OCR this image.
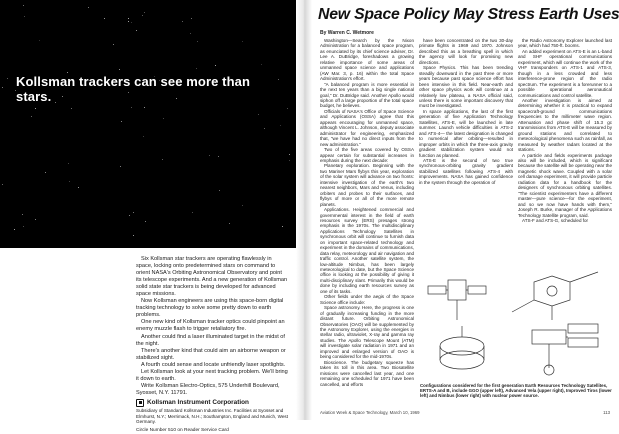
Kollsman trackers can see more than stars.

Six Kollsman star trackers are operating flawlessly in space, locking onto predetermined stars on command to orient NASA's Orbiting Astronomical Observatory and point its telescope experiments. And a new generation of Kollsman solid state star trackers is being developed for advanced space missions.

Now Kollsman engineers are using this space-born digital tracking technology to solve some pretty down to earth problems.

One new kind of Kollsman tracker optics could pinpoint an enemy muzzle flash to trigger retaliatory fire.

Another could find a laser illuminated target in the midst of the night.

There's another kind that could aim an airborne weapon or stabilized sight.

A fourth could sense and locate unfriendly laser spotlights.

Let Kollsman look at your next tracking problem. We'll bring it down to earth.

Write Kollsman Electro-Optics, 575 Underhill Boulevard, Syosset, N.Y. 11791.

Kollsman Instrument Corporation
Subsidiary of Standard Kollsman Industries Inc. Facilities at Syosset and Elmhurst, N.Y.; Merrimack, N.H.; Southampton, England and Munich, West Germany.
Circle Number 510 on Reader Service Card
New Space Policy May Stress Earth Uses
By Warren C. Wetmore

Washington—Search by the Nixon Administration for a balanced space program, as enunciated by its chief science adviser, Dr. Lee A. DuBridge, foreshadows a growing relative importance of some areas of unmanned space science and applications (AW Mar. 3, p. 16) within the total Space Administration's effort.

"A balanced program is more essential in the next ten years than a big single national goal," Dr. DuBridge said. Another Apollo would siphon off a large proportion of the total space budget, he believes.

Officials of NASA's Office of Space Science and Applications (OSSA) agree that this appears encouraging for unmanned space, although Vincent L. Johnson, deputy associate administrator for engineering, emphasized that, "we have had no direct inputs from the new administration."

Two of the five areas covered by OSSA appear certain for substantial increases in emphasis during the next decade:

Planetary exploration. Beginning with the two Mariner Mars flybys this year, exploration of the solar system will advance on two fronts: intensive investigation of the earth's two nearest neighbors, Mars and Venus, including orbiters and probes to their surfaces, and flybys of more or all of the more remote planets.

Applications. Heightened commercial and governmental interest in the field of earth resources survey (ERS) presages strong emphasis in the 1970s. The multidisciplinary Applications Technology Satellites in synchronous orbit will continue to furnish data on important space-related technology and experiment in the domains of communications, data relay, meteorology and air navigation and traffic control. Another satellite system, the low-altitude Nimbus, has been largely meteorological to date, but the Space Science office is looking at the possibility of giving it multi-disciplinary slant. Primarily this would be done by including earth resources survey as one of its tasks.

Other fields under the aegis of the Space Science office include:

Space astronomy. Here, the progress is one of gradually increasing funding in the more distant future. Orbiting Astronomical Observatories (OAO) will be supplemented by the Astronomy Explorer, using the energies in stellar radio, ultraviolet, X-ray and gamma ray studies. The Apollo Telescope Mount (ATM) will investigate solar radiation in 1971 and an improved and enlarged version of OAO is being considered for the mid-1970s.

Bioscience. The budgetary squeeze has taken its toll in this area. Two Biosatellite missions were cancelled last year, and one remaining one scheduled for 1971 have been cancelled, and efforts

have been concentrated on the two 30-day primate flights in 1969 and 1970. Johnson described this as a breathing spell in which the agency will look for promising new directions.

Space Physics. This has been trending steadily downward in the past three or more years because past space science effort has been intensive in this field. Near-earth and other space physics work will continue at a relatively low plateau, a NASA official said, unless there is some important discovery that must be investigated.

In space applications, the last of the first generation of five Application Technology Satellites, ATS-E, will be launched in late summer. Launch vehicle difficulties in ATS-2 and ATS-4— the latest designation is changed to numerical after orbiting—resulted in improper orbits in which the three-axis gravity gradient stabilization system would not function as planned.

ATS-E is the second of two true synchronous-orbiting gravity gradient stabilized satellites following ATS-4 with improvements. NASA has gained confidence in the system through the operation of

the Radio Astronomy Explorer launched last year, which had 750-ft. booms.

An added experiment on ATS-E is an L-band and SHF operational communications experiment, which will continue the work of the VHF transponders on ATS-1 and ATS-3, though in a less crowded and less interference-prone region of the radio spectrum. The experiment is a forerunner to a possible operational aeronautical communications and control satellite.

Another investigation is aimed at determining whether it is practical to expand spacecraft-ground communications frequencies to the millimeter wave region. Attenuation and phase shift of 15.3 gc transmissions from ATS-E will be measured by ground stations and correlated to meteorological phenomena such as rainfall, as measured by weather radars located at the stations.

A particle and fields experiments package also will be included, which is significant because the satellite will be operating near the magnetic shock wave. Coupled with a solar cell damage experiment, it will provide particle radiation data for a handbook for the designers of synchronous orbiting satellites. "The scientist experimenters have a different master—pure science—for the experiment, and so we now have hands with them," Joseph R. Burke, manager of the Applications Technology Satellite program, said.

ATS-F and ATS-G, scheduled for

Configurations considered for the first generation Earth Resources Technology Satellites, ERTS-A and B, include GGO (upper left), Advanced Vela (upper right), Improved Tiros (lower left) and Nimbus (lower right) with nuclear power source.
Aviation Week & Space Technology, March 10, 1969	113
